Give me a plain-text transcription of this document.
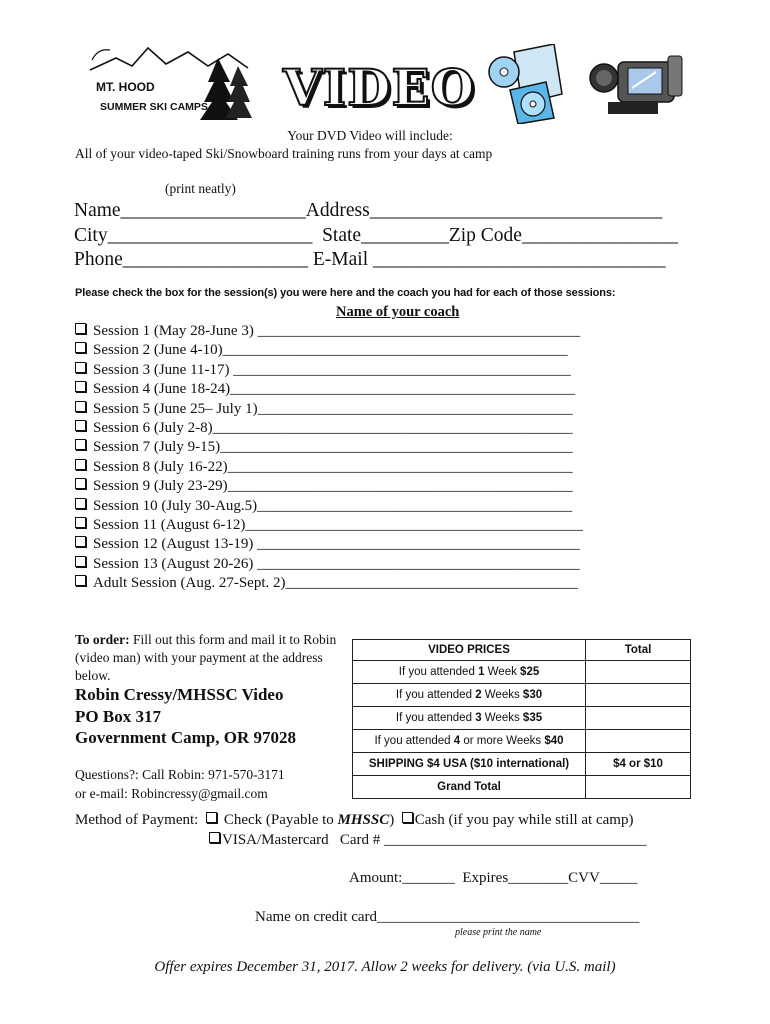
MT. HOOD
SUMMER SKI CAMPS VIDEO
Your DVD Video will include:
All of your video-taped Ski/Snowboard training runs from your days at camp
(print neatly)
Name___________________Address______________________________
City_____________________  State_________Zip Code________________
Phone___________________ E-Mail ______________________________
Please check the box for the session(s) you were here and the coach you had for each of those sessions:
Name of your coach
Session 1 (May 28-June 3) ___________________________________________
Session 2 (June 4-10)______________________________________________
Session 3 (June 11-17) _____________________________________________
Session 4 (June 18-24)______________________________________________
Session 5 (June 25– July 1)__________________________________________
Session 6 (July 2-8)________________________________________________
Session 7 (July 9-15)_______________________________________________
Session 8 (July 16-22)______________________________________________
Session 9 (July 23-29)______________________________________________
Session 10 (July 30-Aug.5)__________________________________________
Session 11 (August 6-12)_____________________________________________
Session 12 (August 13-19) ___________________________________________
Session 13 (August 20-26) ___________________________________________
Adult Session (Aug. 27-Sept. 2)_______________________________________
To order: Fill out this form and mail it to Robin (video man) with your payment at the address below.
Robin Cressy/MHSSC Video
PO Box 317
Government Camp, OR 97028
Questions?: Call Robin: 971-570-3171
or e-mail: Robincressy@gmail.com
VIDEO PRICES	Total
If you attended 1 Week $25	
If you attended 2 Weeks $30	
If you attended 3 Weeks $35	
If you attended 4 or more Weeks $40	
SHIPPING $4 USA ($10 international)	$4 or $10
Grand Total	
Method of Payment:  Check (Payable to MHSSC)  Cash (if you pay while still at camp)
VISA/Mastercard   Card # ___________________________________
Amount:_______  Expires________CVV_____
Name on credit card___________________________________
please print the name
Offer expires December 31, 2017. Allow 2 weeks for delivery. (via U.S. mail)
